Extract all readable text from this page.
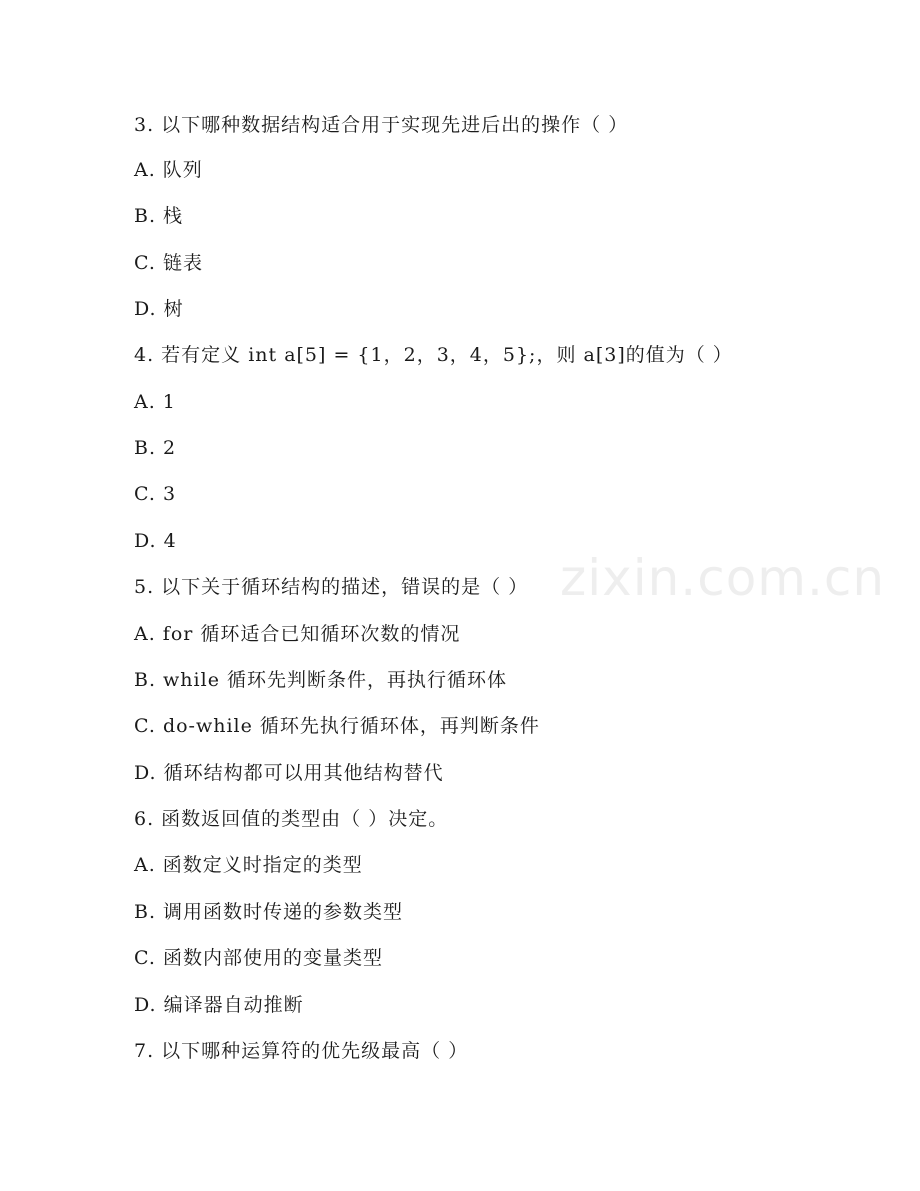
zixin.com.cn
3. 以下哪种数据结构适合用于实现先进后出的操作（ ）
A. 队列
B. 栈
C. 链表
D. 树
4. 若有定义 int a[5] = {1，2，3，4，5};，则 a[3]的值为（ ）
A. 1
B. 2
C. 3
D. 4
5. 以下关于循环结构的描述，错误的是（ ）
A. for 循环适合已知循环次数的情况
B. while 循环先判断条件，再执行循环体
C. do-while 循环先执行循环体，再判断条件
D. 循环结构都可以用其他结构替代
6. 函数返回值的类型由（ ）决定。
A. 函数定义时指定的类型
B. 调用函数时传递的参数类型
C. 函数内部使用的变量类型
D. 编译器自动推断
7. 以下哪种运算符的优先级最高（ ）
